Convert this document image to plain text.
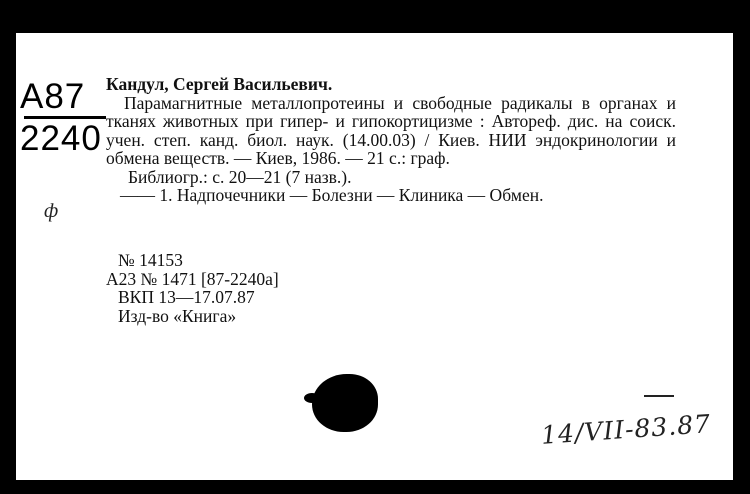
А87
2240
ф
Кандул, Сергей Васильевич.
Парамагнитные металлопротеины и свободные радикалы в органах и тканях животных при гипер- и гипокортицизме : Автореф. дис. на соиск. учен. степ. канд. биол. наук. (14.00.03) / Киев. НИИ эндокринологии и обмена веществ. — Киев, 1986. — 21 с.: граф.
Библиогр.: с. 20—21 (7 назв.).
—— 1. Надпочечники — Болезни — Клиника — Обмен.
№ 14153
А23 № 1471 [87-2240а]
ВКП 13—17.07.87
Изд-во «Книга»
14/VII-83.87
